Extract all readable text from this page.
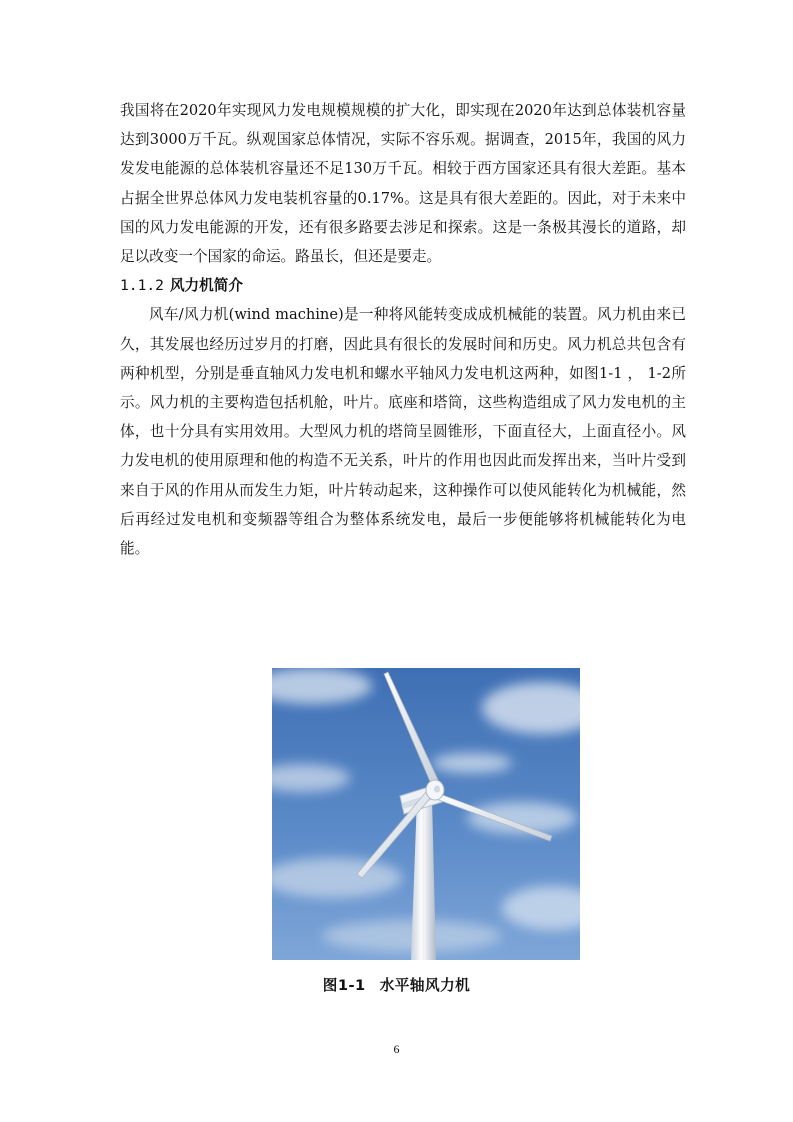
我国将在2020年实现风力发电规模规模的扩大化，即实现在2020年达到总体装机容量达到3000万千瓦。纵观国家总体情况，实际不容乐观。据调查，2015年，我国的风力发发电能源的总体装机容量还不足130万千瓦。相较于西方国家还具有很大差距。基本占据全世界总体风力发电装机容量的0.17%。这是具有很大差距的。因此，对于未来中国的风力发电能源的开发，还有很多路要去涉足和探索。这是一条极其漫长的道路，却足以改变一个国家的命运。路虽长，但还是要走。

1.1.2 风力机简介

风车/风力机(wind machine)是一种将风能转变成成机械能的装置。风力机由来已久，其发展也经历过岁月的打磨，因此具有很长的发展时间和历史。风力机总共包含有两种机型，分别是垂直轴风力发电机和螺水平轴风力发电机这两种，如图1-1 ， 1-2所示。风力机的主要构造包括机舱，叶片。底座和塔筒，这些构造组成了风力发电机的主体，也十分具有实用效用。大型风力机的塔筒呈圆锥形，下面直径大，上面直径小。风力发电机的使用原理和他的构造不无关系，叶片的作用也因此而发挥出来，当叶片受到来自于风的作用从而发生力矩，叶片转动起来，这种操作可以使风能转化为机械能，然后再经过发电机和变频器等组合为整体系统发电，最后一步便能够将机械能转化为电能。

图1-1 水平轴风力机
6
